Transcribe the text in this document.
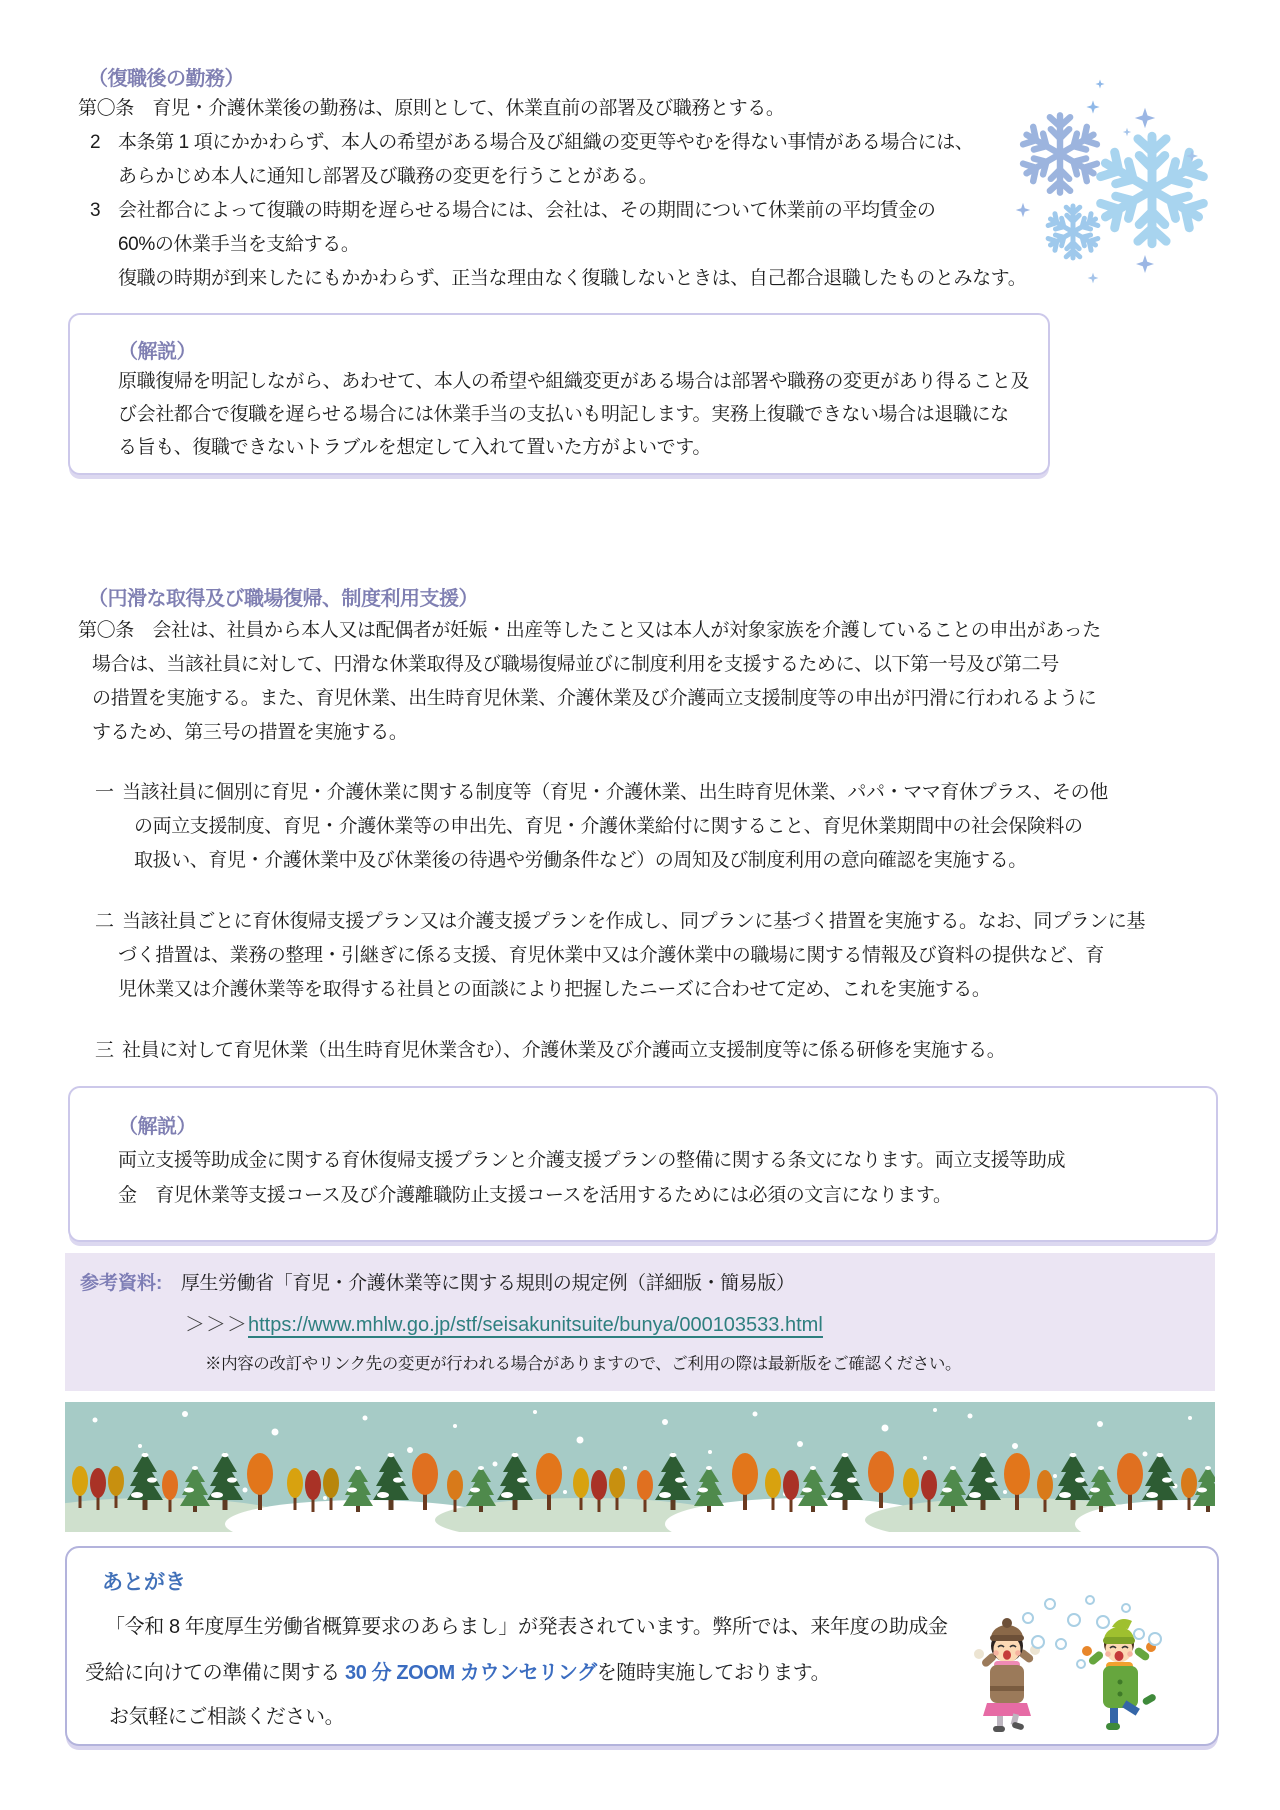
（復職後の勤務）
第〇条　育児・介護休業後の勤務は、原則として、休業直前の部署及び職務とする。
2 本条第 1 項にかかわらず、本人の希望がある場合及び組織の変更等やむを得ない事情がある場合には、
あらかじめ本人に通知し部署及び職務の変更を行うことがある。
3 会社都合によって復職の時期を遅らせる場合には、会社は、その期間について休業前の平均賃金の
60%の休業手当を支給する。
復職の時期が到来したにもかかわらず、正当な理由なく復職しないときは、自己都合退職したものとみなす。
（解説）
原職復帰を明記しながら、あわせて、本人の希望や組織変更がある場合は部署や職務の変更があり得ること及
び会社都合で復職を遅らせる場合には休業手当の支払いも明記します。実務上復職できない場合は退職にな
る旨も、復職できないトラブルを想定して入れて置いた方がよいです。
（円滑な取得及び職場復帰、制度利用支援）
第〇条　会社は、社員から本人又は配偶者が妊娠・出産等したこと又は本人が対象家族を介護していることの申出があった
場合は、当該社員に対して、円滑な休業取得及び職場復帰並びに制度利用を支援するために、以下第一号及び第二号
の措置を実施する。また、育児休業、出生時育児休業、介護休業及び介護両立支援制度等の申出が円滑に行われるように
するため、第三号の措置を実施する。
一 当該社員に個別に育児・介護休業に関する制度等（育児・介護休業、出生時育児休業、パパ・ママ育休プラス、その他
の両立支援制度、育児・介護休業等の申出先、育児・介護休業給付に関すること、育児休業期間中の社会保険料の
取扱い、育児・介護休業中及び休業後の待遇や労働条件など）の周知及び制度利用の意向確認を実施する。
二 当該社員ごとに育休復帰支援プラン又は介護支援プランを作成し、同プランに基づく措置を実施する。なお、同プランに基
づく措置は、業務の整理・引継ぎに係る支援、育児休業中又は介護休業中の職場に関する情報及び資料の提供など、育
児休業又は介護休業等を取得する社員との面談により把握したニーズに合わせて定め、これを実施する。
三 社員に対して育児休業（出生時育児休業含む）、介護休業及び介護両立支援制度等に係る研修を実施する。
（解説）
両立支援等助成金に関する育休復帰支援プランと介護支援プランの整備に関する条文になります。両立支援等助成
金　育児休業等支援コース及び介護離職防止支援コースを活用するためには必須の文言になります。
参考資料: 厚生労働省「育児・介護休業等に関する規則の規定例（詳細版・簡易版）
＞＞＞https://www.mhlw.go.jp/stf/seisakunitsuite/bunya/000103533.html
※内容の改訂やリンク先の変更が行われる場合がありますので、ご利用の際は最新版をご確認ください。
あとがき
「令和 8 年度厚生労働省概算要求のあらまし」が発表されています。弊所では、来年度の助成金
受給に向けての準備に関する 30 分 ZOOM カウンセリングを随時実施しております。
お気軽にご相談ください。
